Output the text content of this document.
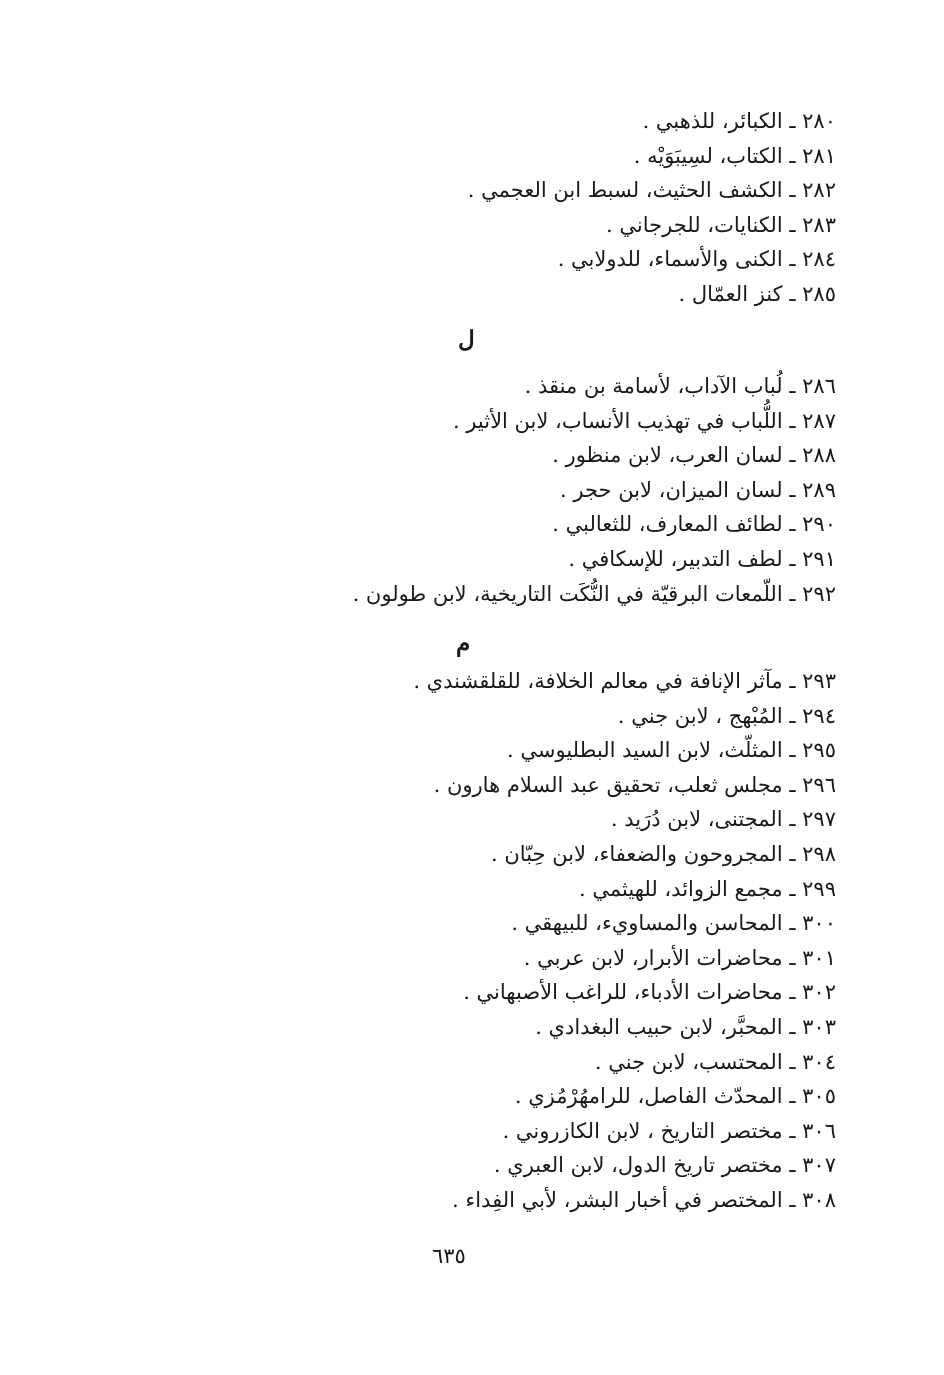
٢٨٠ ـ الكبائر، للذهبي .
٢٨١ ـ الكتاب، لسِيبَوَيْه .
٢٨٢ ـ الكشف الحثيث، لسبط ابن العجمي .
٢٨٣ ـ الكنايات، للجرجاني .
٢٨٤ ـ الكنى والأسماء، للدولابي .
٢٨٥ ـ كنز العمّال .
ل
٢٨٦ ـ لُباب الآداب، لأسامة بن منقذ .
٢٨٧ ـ اللُّباب في تهذيب الأنساب، لابن الأثير .
٢٨٨ ـ لسان العرب، لابن منظور .
٢٨٩ ـ لسان الميزان، لابن حجر .
٢٩٠ ـ لطائف المعارف، للثعالبي .
٢٩١ ـ لطف التدبير، للإسكافي .
٢٩٢ ـ اللّمعات البرقيّة في النُّكَت التاريخية، لابن طولون .
م
٢٩٣ ـ مآثر الإنافة في معالم الخلافة، للقلقشندي .
٢٩٤ ـ المُبْهج ، لابن جني .
٢٩٥ ـ المثلّث، لابن السيد البطليوسي .
٢٩٦ ـ مجلس ثعلب، تحقيق عبد السلام هارون .
٢٩٧ ـ المجتنى، لابن دُرَيد .
٢٩٨ ـ المجروحون والضعفاء، لابن حِبّان .
٢٩٩ ـ مجمع الزوائد، للهيثمي .
٣٠٠ ـ المحاسن والمساويء، للبيهقي .
٣٠١ ـ محاضرات الأبرار، لابن عربي .
٣٠٢ ـ محاضرات الأدباء، للراغب الأصبهاني .
٣٠٣ ـ المحبَّر، لابن حبيب البغدادي .
٣٠٤ ـ المحتسب، لابن جني .
٣٠٥ ـ المحدّث الفاصل، للرامهُرْمُزي .
٣٠٦ ـ مختصر التاريخ ، لابن الكازروني .
٣٠٧ ـ مختصر تاريخ الدول، لابن العبري .
٣٠٨ ـ المختصر في أخبار البشر، لأبي الفِداء .
٦٣٥
